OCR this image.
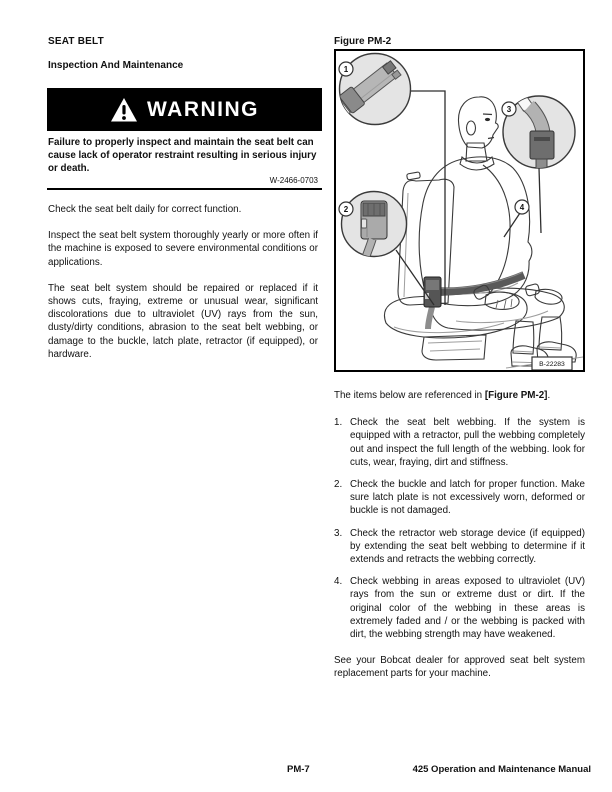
SEAT BELT
Inspection And Maintenance
WARNING

Failure to properly inspect and maintain the seat belt can cause lack of operator restraint resulting in serious injury or death.

W-2466-0703

Check the seat belt daily for correct function.

Inspect the seat belt system thoroughly yearly or more often if the machine is exposed to severe environmental conditions or applications.

The seat belt system should be repaired or replaced if it shows cuts, fraying, extreme or unusual wear, significant discolorations due to ultraviolet (UV) rays from the sun, dusty/dirty conditions, abrasion to the seat belt webbing, or damage to the buckle, latch plate, retractor (if equipped), or hardware.

Figure PM-2
1
2
3
4
B-22283

The items below are referenced in [Figure PM-2].

1. Check the seat belt webbing. If the system is equipped with a retractor, pull the webbing completely out and inspect the full length of the webbing. look for cuts, wear, fraying, dirt and stiffness.
2. Check the buckle and latch for proper function. Make sure latch plate is not excessively worn, deformed or buckle is not damaged.
3. Check the retractor web storage device (if equipped) by extending the seat belt webbing to determine if it extends and retracts the webbing correctly.
4. Check webbing in areas exposed to ultraviolet (UV) rays from the sun or extreme dust or dirt. If the original color of the webbing in these areas is extremely faded and / or the webbing is packed with dirt, the webbing strength may have weakened.

See your Bobcat dealer for approved seat belt system replacement parts for your machine.

PM-7	425 Operation and Maintenance Manual
